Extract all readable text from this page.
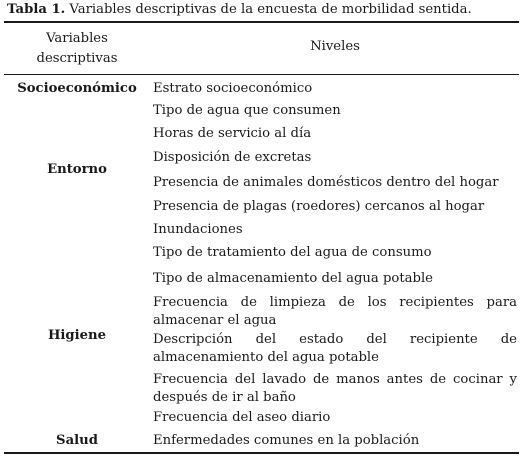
Tabla 1. Variables descriptivas de la encuesta de morbilidad sentida.
Variables
descriptivas
Niveles
Socioeconómico
Entorno
Higiene
Salud
Estrato socioeconómico
Tipo de agua que consumen
Horas de servicio al día
Disposición de excretas
Presencia de animales domésticos dentro del hogar
Presencia de plagas (roedores) cercanos al hogar
Inundaciones
Tipo de tratamiento del agua de consumo
Tipo de almacenamiento del agua potable
Frecuencia de limpieza de los recipientes para almacenar el agua
Descripción del estado del recipiente de almacenamiento del agua potable
Frecuencia del lavado de manos antes de cocinar y después de ir al baño
Frecuencia del aseo diario
Enfermedades comunes en la población
